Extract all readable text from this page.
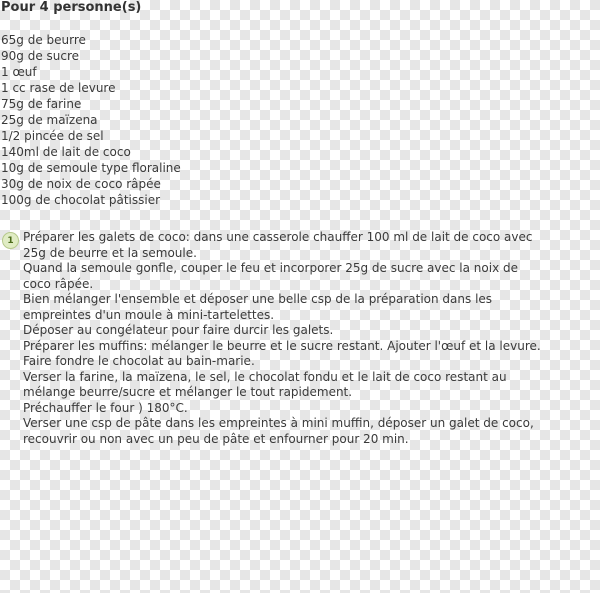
Pour 4 personne(s)
65g de beurre
90g de sucre
1 œuf
1 cc rase de levure
75g de farine
25g de maïzena
1/2 pincée de sel
140ml de lait de coco
10g de semoule type floraline
30g de noix de coco râpée
100g de chocolat pâtissier
1 Préparer les galets de coco: dans une casserole chauffer 100 ml de lait de coco avec
25g de beurre et la semoule.
Quand la semoule gonfle, couper le feu et incorporer 25g de sucre avec la noix de
coco râpée.
Bien mélanger l'ensemble et déposer une belle csp de la préparation dans les
empreintes d'un moule à mini-tartelettes.
Déposer au congélateur pour faire durcir les galets.
Préparer les muffins: mélanger le beurre et le sucre restant. Ajouter l'œuf et la levure.
Faire fondre le chocolat au bain-marie.
Verser la farine, la maïzena, le sel, le chocolat fondu et le lait de coco restant au
mélange beurre/sucre et mélanger le tout rapidement.
Préchauffer le four ) 180°C.
Verser une csp de pâte dans les empreintes à mini muffin, déposer un galet de coco,
recouvrir ou non avec un peu de pâte et enfourner pour 20 min.
